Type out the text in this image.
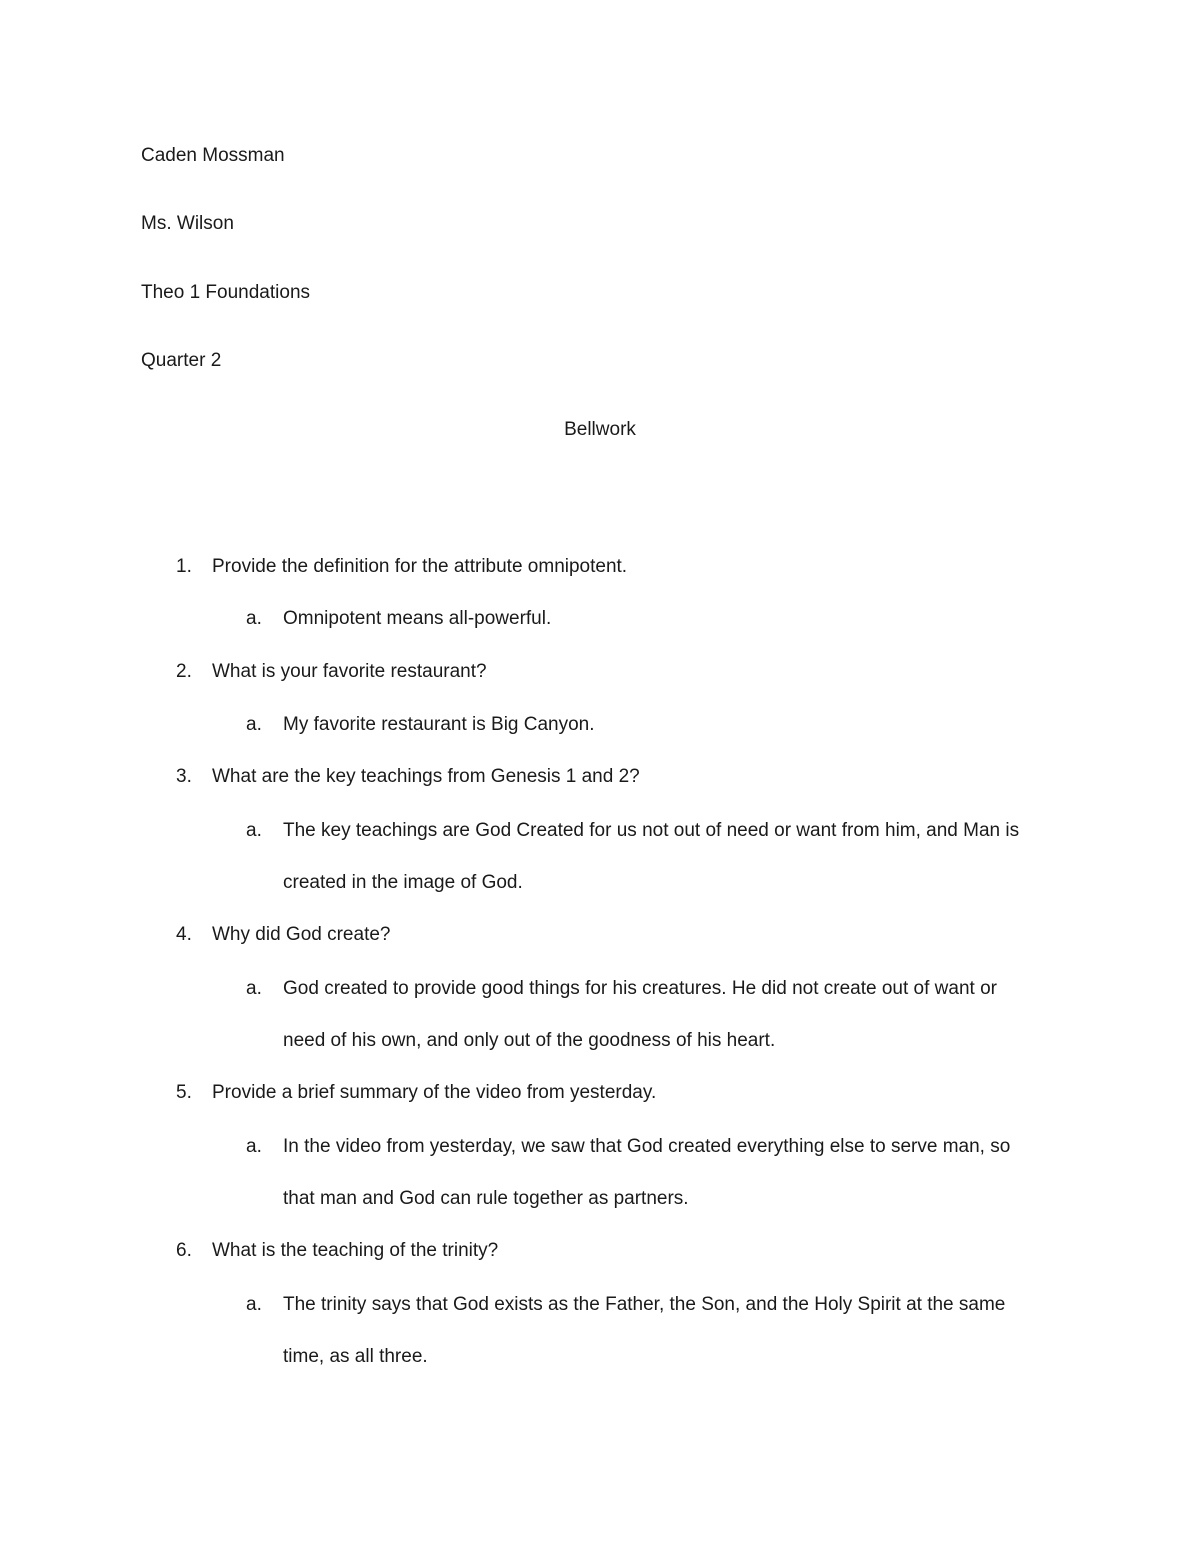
Caden Mossman
Ms. Wilson
Theo 1 Foundations
Quarter 2
Bellwork
1. Provide the definition for the attribute omnipotent.
a. Omnipotent means all-powerful.
2. What is your favorite restaurant?
a. My favorite restaurant is Big Canyon.
3. What are the key teachings from Genesis 1 and 2?
a. The key teachings are God Created for us not out of need or want from him, and Man is
created in the image of God.
4. Why did God create?
a. God created to provide good things for his creatures. He did not create out of want or
need of his own, and only out of the goodness of his heart.
5. Provide a brief summary of the video from yesterday.
a. In the video from yesterday, we saw that God created everything else to serve man, so
that man and God can rule together as partners.
6. What is the teaching of the trinity?
a. The trinity says that God exists as the Father, the Son, and the Holy Spirit at the same
time, as all three.
